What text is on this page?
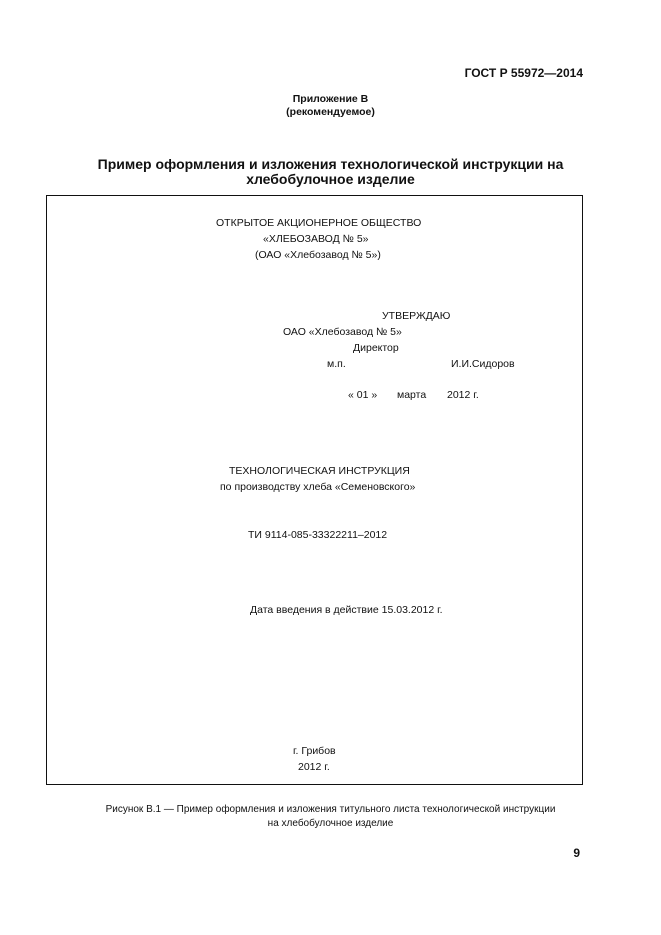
ГОСТ Р 55972—2014
Приложение В
(рекомендуемое)
Пример оформления и изложения технологической инструкции на
хлебобулочное изделие
ОТКРЫТОЕ АКЦИОНЕРНОЕ ОБЩЕСТВО
«ХЛЕБОЗАВОД № 5»
(ОАО «Хлебозавод № 5»)
УТВЕРЖДАЮ
ОАО «Хлебозавод № 5»
Директор
м.п.	И.И.Сидоров
« 01 » марта 2012 г.
ТЕХНОЛОГИЧЕСКАЯ ИНСТРУКЦИЯ
по производству хлеба «Семеновского»
ТИ 9114-085-33322211–2012
Дата введения в действие 15.03.2012 г.
г. Грибов
2012 г.
Рисунок В.1 — Пример оформления и изложения титульного листа технологической инструкции
на хлебобулочное изделие
9
